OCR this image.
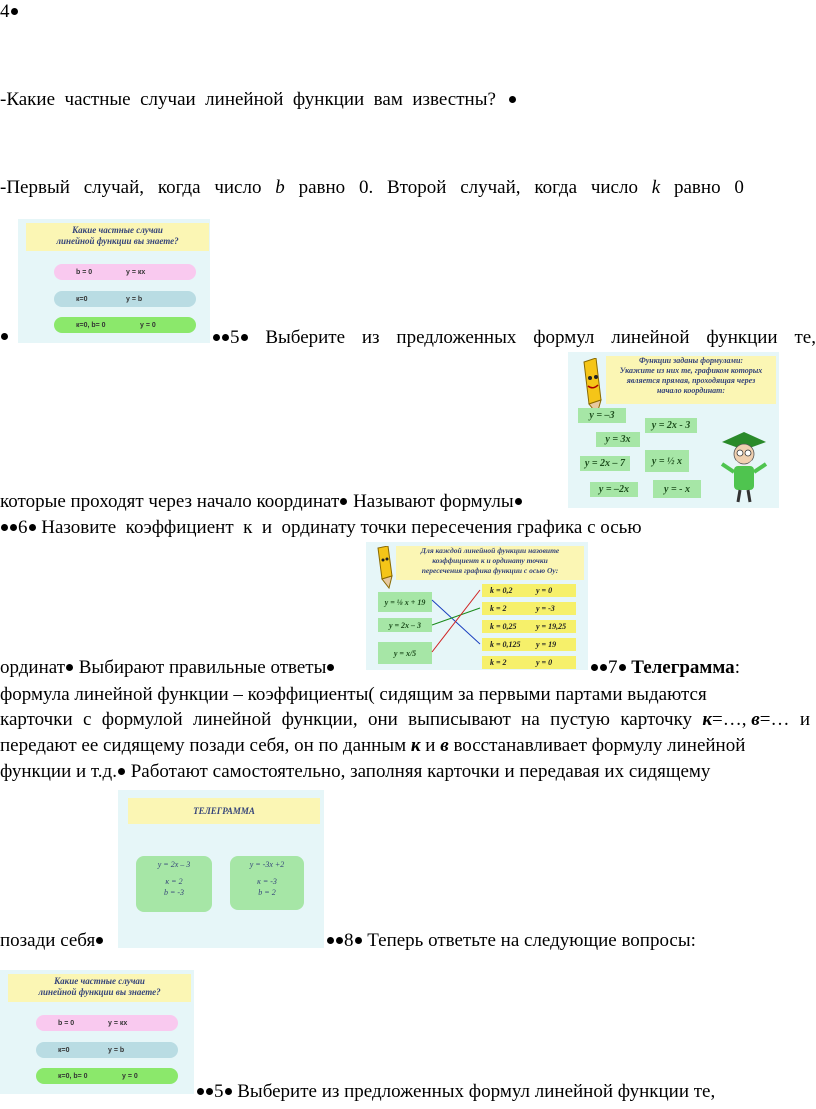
4
-Какие  частные  случаи  линейной  функции  вам  известны?
-Первый случай, когда число b равно 0. Второй случай, когда число k равно 0
Какие частные случаи
линейной функции вы знаете?
b = 0	y = кx
к=0	y = b
к=0, b= 0	y = 0
5	Выберите из предложенных формул линейной функции те,
Функции заданы формулами:
Укажите из них те, графиком которых
является прямая, проходящая через
начало координат:
y = –3
y = 2x - 3
y = 3x
y = 2x – 7	y = ½ x
y = –2x	y = - x
которые проходят через начало координат Называют формулы
6 Назовите  коэффициент  к  и  ординату точки пересечения графика с осью
Для каждой линейной функции назовите
коэффициент к и ординату точки
пересечения графика функции с осью Оy:
y = ⅛ x + 19
y = 2x – 3
y = x/5
k = 0,2	y = 0
k = 2	y = -3
k = 0,25	y = 19,25
k = 0,125	y = 19
k = 2	y = 0
ординат Выбирают правильные ответы	7 Телеграмма:
формула линейной функции – коэффициенты( сидящим за первыми партами выдаются
карточки с формулой линейной функции, они выписывают на пустую карточку к=…, в=… и
передают ее сидящему позади себя, он по данным к и в восстанавливает формулу линейной
функции и т.д. Работают самостоятельно, заполняя карточки и передавая их сидящему
ТЕЛЕГРАММА
y = 2x – 3
к = 2
b = -3
y = -3x +2
к = -3
b = 2
позади себя	8 Теперь ответьте на следующие вопросы:
Какие частные случаи
линейной функции вы знаете?
b = 0	y = кx
к=0	y = b
к=0, b= 0	y = 0
5 Выберите из предложенных формул линейной функции те,
